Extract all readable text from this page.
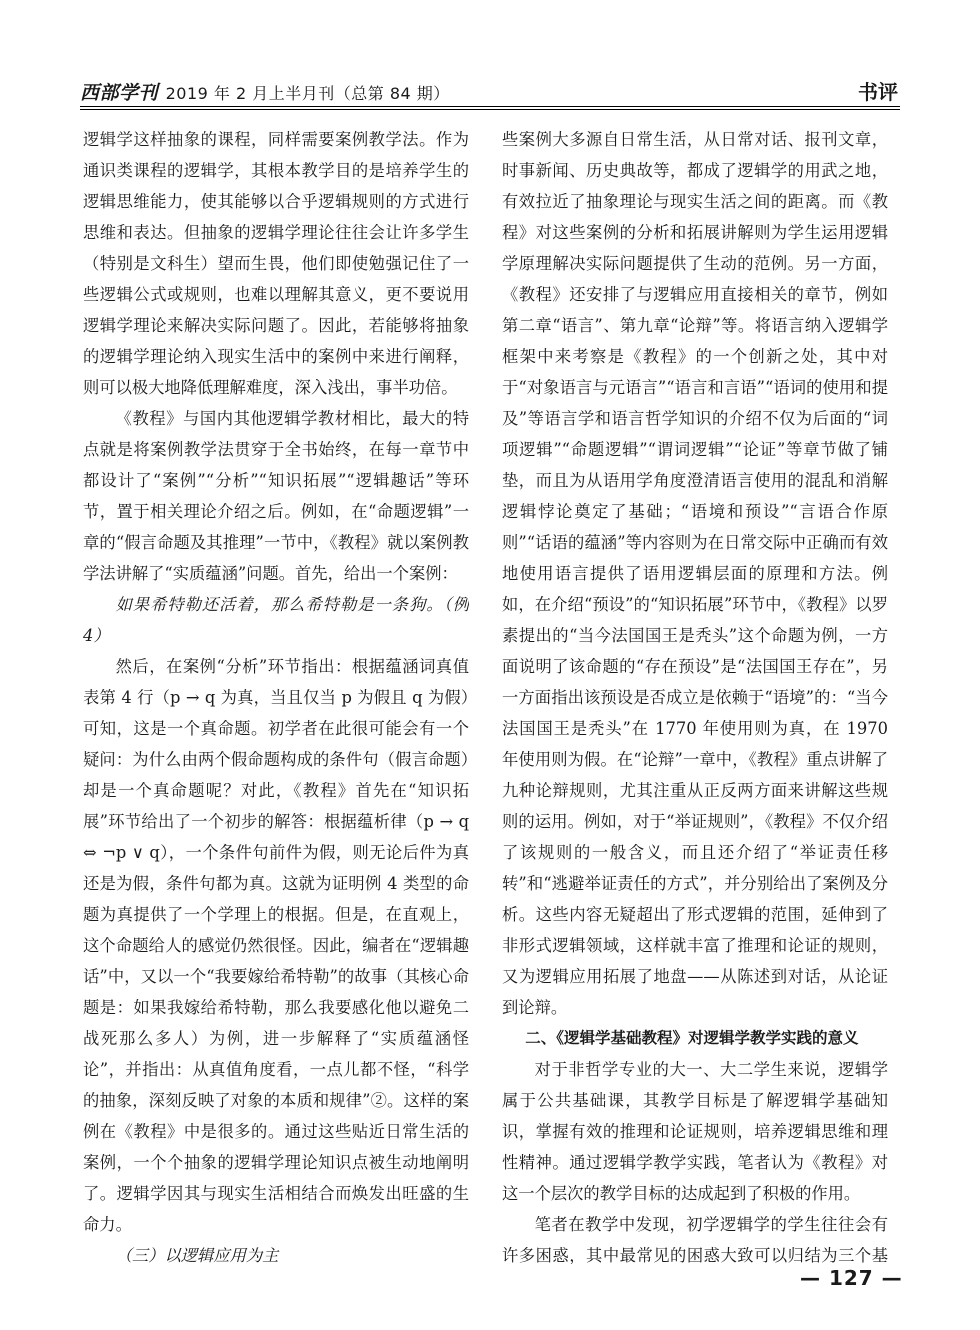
西部学刊 2019 年 2 月上半月刊（总第 84 期）	书评

逻辑学这样抽象的课程，同样需要案例教学法。作为通识类课程的逻辑学，其根本教学目的是培养学生的逻辑思维能力，使其能够以合乎逻辑规则的方式进行思维和表达。但抽象的逻辑学理论往往会让许多学生（特别是文科生）望而生畏，他们即使勉强记住了一些逻辑公式或规则，也难以理解其意义，更不要说用逻辑学理论来解决实际问题了。因此，若能够将抽象的逻辑学理论纳入现实生活中的案例中来进行阐释，则可以极大地降低理解难度，深入浅出，事半功倍。

《教程》与国内其他逻辑学教材相比，最大的特点就是将案例教学法贯穿于全书始终，在每一章节中都设计了“案例”“分析”“知识拓展”“逻辑趣话”等环节，置于相关理论介绍之后。例如，在“命题逻辑”一章的“假言命题及其推理”一节中，《教程》就以案例教学法讲解了“实质蕴涵”问题。首先，给出一个案例：

如果希特勒还活着，那么希特勒是一条狗。（例 4）

然后，在案例“分析”环节指出：根据蕴涵词真值表第 4 行（p → q 为真，当且仅当 p 为假且 q 为假）可知，这是一个真命题。初学者在此很可能会有一个疑问：为什么由两个假命题构成的条件句（假言命题）却是一个真命题呢？对此，《教程》首先在“知识拓展”环节给出了一个初步的解答：根据蕴析律（p → q ⇔ ¬p ∨ q），一个条件句前件为假，则无论后件为真还是为假，条件句都为真。这就为证明例 4 类型的命题为真提供了一个学理上的根据。但是，在直观上，这个命题给人的感觉仍然很怪。因此，编者在“逻辑趣话”中，又以一个“我要嫁给希特勒”的故事（其核心命题是：如果我嫁给希特勒，那么我要感化他以避免二战死那么多人）为例，进一步解释了“实质蕴涵怪论”，并指出：从真值角度看，一点儿都不怪，“科学的抽象，深刻反映了对象的本质和规律”②。这样的案例在《教程》中是很多的。通过这些贴近日常生活的案例，一个个抽象的逻辑学理论知识点被生动地阐明了。逻辑学因其与现实生活相结合而焕发出旺盛的生命力。

（三）以逻辑应用为主

些案例大多源自日常生活，从日常对话、报刊文章，时事新闻、历史典故等，都成了逻辑学的用武之地，有效拉近了抽象理论与现实生活之间的距离。而《教程》对这些案例的分析和拓展讲解则为学生运用逻辑学原理解决实际问题提供了生动的范例。另一方面，《教程》还安排了与逻辑应用直接相关的章节，例如第二章“语言”、第九章“论辩”等。将语言纳入逻辑学框架中来考察是《教程》的一个创新之处，其中对于“对象语言与元语言”“语言和言语”“语词的使用和提及”等语言学和语言哲学知识的介绍不仅为后面的“词项逻辑”“命题逻辑”“谓词逻辑”“论证”等章节做了铺垫，而且为从语用学角度澄清语言使用的混乱和消解逻辑悖论奠定了基础；“语境和预设”“言语合作原则”“话语的蕴涵”等内容则为在日常交际中正确而有效地使用语言提供了语用逻辑层面的原理和方法。例如，在介绍“预设”的“知识拓展”环节中，《教程》以罗素提出的“当今法国国王是秃头”这个命题为例，一方面说明了该命题的“存在预设”是“法国国王存在”，另一方面指出该预设是否成立是依赖于“语境”的：“当今法国国王是秃头”在 1770 年使用则为真，在 1970 年使用则为假。在“论辩”一章中，《教程》重点讲解了九种论辩规则，尤其注重从正反两方面来讲解这些规则的运用。例如，对于“举证规则”，《教程》不仅介绍了该规则的一般含义，而且还介绍了“举证责任移转”和“逃避举证责任的方式”，并分别给出了案例及分析。这些内容无疑超出了形式逻辑的范围，延伸到了非形式逻辑领域，这样就丰富了推理和论证的规则，又为逻辑应用拓展了地盘——从陈述到对话，从论证到论辩。

二、《逻辑学基础教程》对逻辑学教学实践的意义

对于非哲学专业的大一、大二学生来说，逻辑学属于公共基础课，其教学目标是了解逻辑学基础知识，掌握有效的推理和论证规则，培养逻辑思维和理性精神。通过逻辑学教学实践，笔者认为《教程》对这一个层次的教学目标的达成起到了积极的作用。

笔者在教学中发现，初学逻辑学的学生往往会有许多困惑，其中最常见的困惑大致可以归结为三个基

— 127 —
